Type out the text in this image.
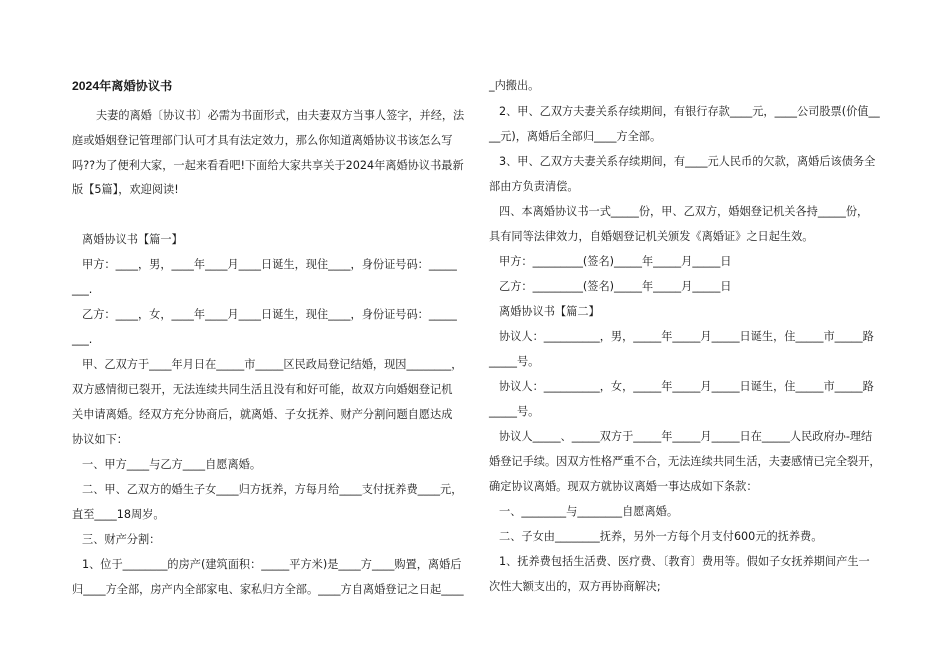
2024年离婚协议书
夫妻的离婚〔协议书〕必需为书面形式，由夫妻双方当事人签字，并经，法
庭或婚姻登记管理部门认可才具有法定效力，那么你知道离婚协议书该怎么写
吗??为了便利大家，一起来看看吧!下面给大家共享关于2024年离婚协议书最新
版【5篇】，欢迎阅读!
离婚协议书【篇一】
甲方：____，男，____年____月____日诞生，现住____，身份证号码：_____
___.
乙方：____，女，____年____月____日诞生，现住____，身份证号码：_____
___.
甲、乙双方于____年月日在_____市_____区民政局登记结婚，现因________，
双方感情彻已裂开，无法连续共同生活且没有和好可能，故双方向婚姻登记机
关申请离婚。经双方充分协商后，就离婚、子女抚养、财产分割问题自愿达成
协议如下：
一、甲方____与乙方____自愿离婚。
二、甲、乙双方的婚生子女____归方抚养，方每月给____支付抚养费____元，
直至____18周岁。
三、财产分割：
1、位于________的房产(建筑面积：_____平方米)是____方____购置，离婚后
归____方全部，房产内全部家电、家私归方全部。____方自离婚登记之日起____
_内搬出。
2、甲、乙双方夫妻关系存续期间，有银行存款____元，____公司股票(价值__
__元)，离婚后全部归____方全部。
3、甲、乙双方夫妻关系存续期间，有____元人民币的欠款，离婚后该债务全
部由方负责清偿。
四、本离婚协议书一式_____份，甲、乙双方，婚姻登记机关各持_____份，
具有同等法律效力，自婚姻登记机关颁发《离婚证》之日起生效。
甲方：_________(签名)_____年_____月_____日
乙方：_________(签名)_____年_____月_____日
离婚协议书【篇二】
协议人：__________，男，_____年_____月_____日诞生，住_____市_____路
_____号。
协议人：__________，女，_____年_____月_____日诞生，住_____市_____路
_____号。
协议人_____、_____双方于_____年_____月_____日在_____人民政府办-理结
婚登记手续。因双方性格严重不合，无法连续共同生活，夫妻感情已完全裂开，
确定协议离婚。现双方就协议离婚一事达成如下条款：
一、________与________自愿离婚。
二、子女由________抚养，另外一方每个月支付600元的抚养费。
1、抚养费包括生活费、医疗费、〔教育〕费用等。假如子女抚养期间产生一
次性大额支出的，双方再协商解决;
